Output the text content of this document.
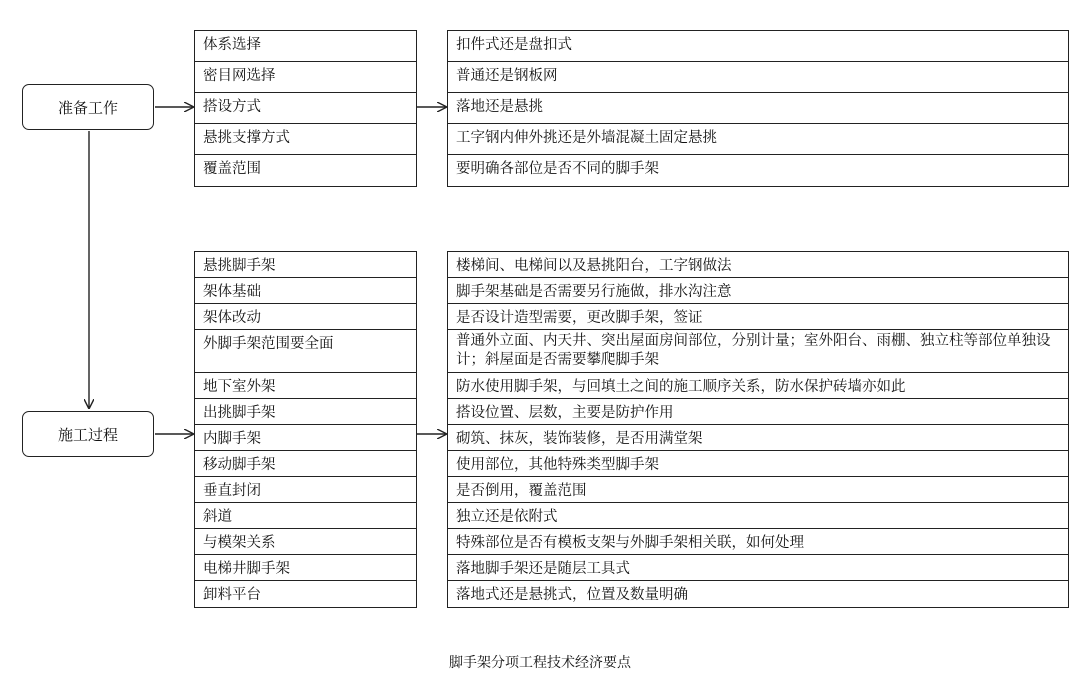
准备工作
施工过程
体系选择
密目网选择
搭设方式
悬挑支撑方式
覆盖范围
扣件式还是盘扣式
普通还是钢板网
落地还是悬挑
工字钢内伸外挑还是外墙混凝土固定悬挑
要明确各部位是否不同的脚手架
悬挑脚手架
架体基础
架体改动
外脚手架范围要全面
地下室外架
出挑脚手架
内脚手架
移动脚手架
垂直封闭
斜道
与模架关系
电梯井脚手架
卸料平台
楼梯间、电梯间以及悬挑阳台，工字钢做法
脚手架基础是否需要另行施做，排水沟注意
是否设计造型需要，更改脚手架，签证
普通外立面、内天井、突出屋面房间部位，分别计量；室外阳台、雨棚、独立柱等部位单独设计；斜屋面是否需要攀爬脚手架
防水使用脚手架，与回填土之间的施工顺序关系，防水保护砖墙亦如此
搭设位置、层数，主要是防护作用
砌筑、抹灰，装饰装修，是否用满堂架
使用部位，其他特殊类型脚手架
是否倒用，覆盖范围
独立还是依附式
特殊部位是否有模板支架与外脚手架相关联，如何处理
落地脚手架还是随层工具式
落地式还是悬挑式，位置及数量明确
脚手架分项工程技术经济要点
